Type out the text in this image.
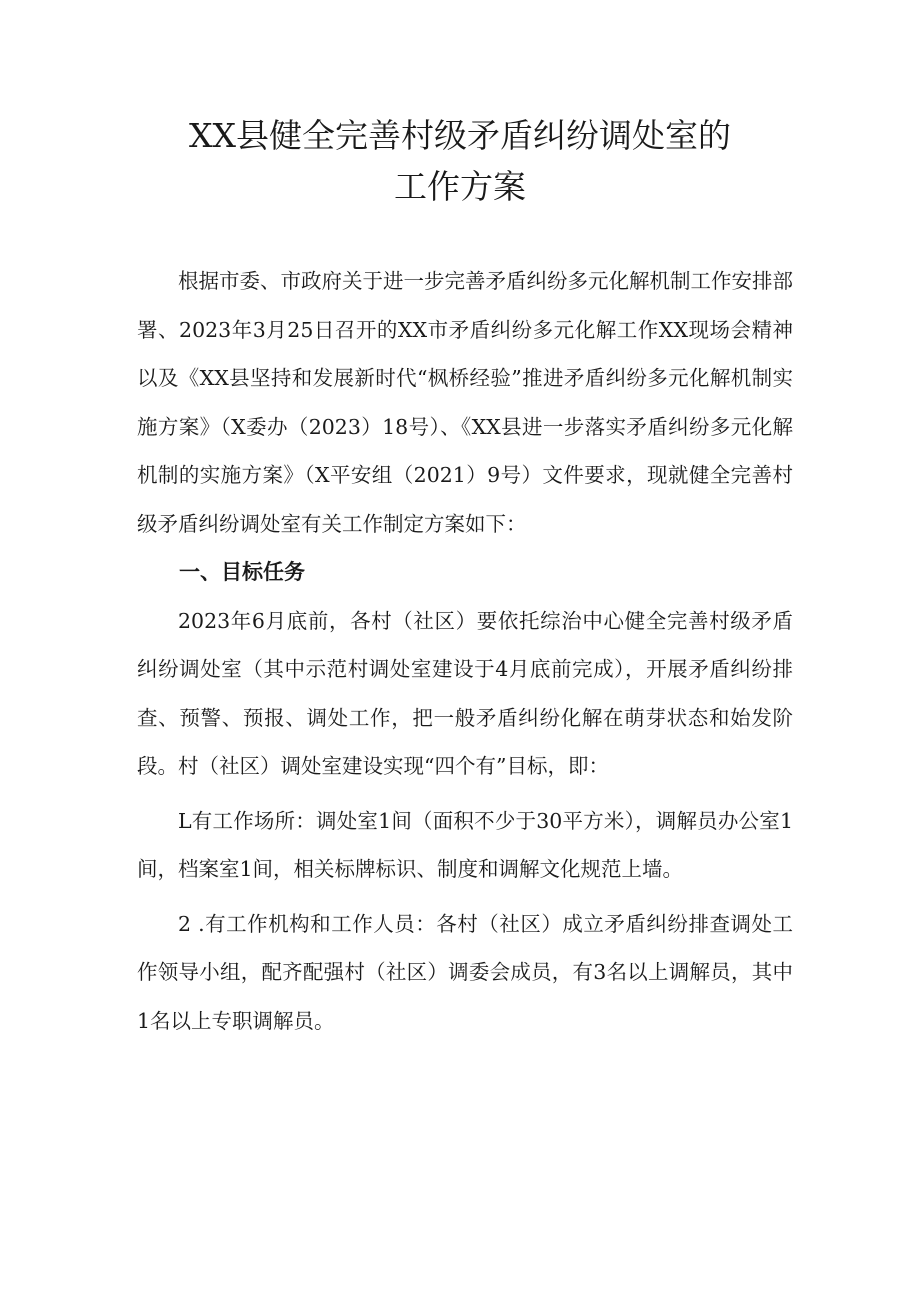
XX县健全完善村级矛盾纠纷调处室的
工作方案

根据市委、市政府关于进一步完善矛盾纠纷多元化解机制工作安排部署、2023年3月25日召开的XX市矛盾纠纷多元化解工作XX现场会精神以及《XX县坚持和发展新时代“枫桥经验”推进矛盾纠纷多元化解机制实施方案》（X委办（2023）18号）、《XX县进一步落实矛盾纠纷多元化解机制的实施方案》（X平安组（2021）9号）文件要求，现就健全完善村级矛盾纠纷调处室有关工作制定方案如下：

一、目标任务

2023年6月底前，各村（社区）要依托综治中心健全完善村级矛盾纠纷调处室（其中示范村调处室建设于4月底前完成），开展矛盾纠纷排查、预警、预报、调处工作，把一般矛盾纠纷化解在萌芽状态和始发阶段。村（社区）调处室建设实现“四个有”目标，即：

L有工作场所：调处室1间（面积不少于30平方米），调解员办公室1间，档案室1间，相关标牌标识、制度和调解文化规范上墙。

2 .有工作机构和工作人员：各村（社区）成立矛盾纠纷排查调处工作领导小组，配齐配强村（社区）调委会成员，有3名以上调解员，其中1名以上专职调解员。
